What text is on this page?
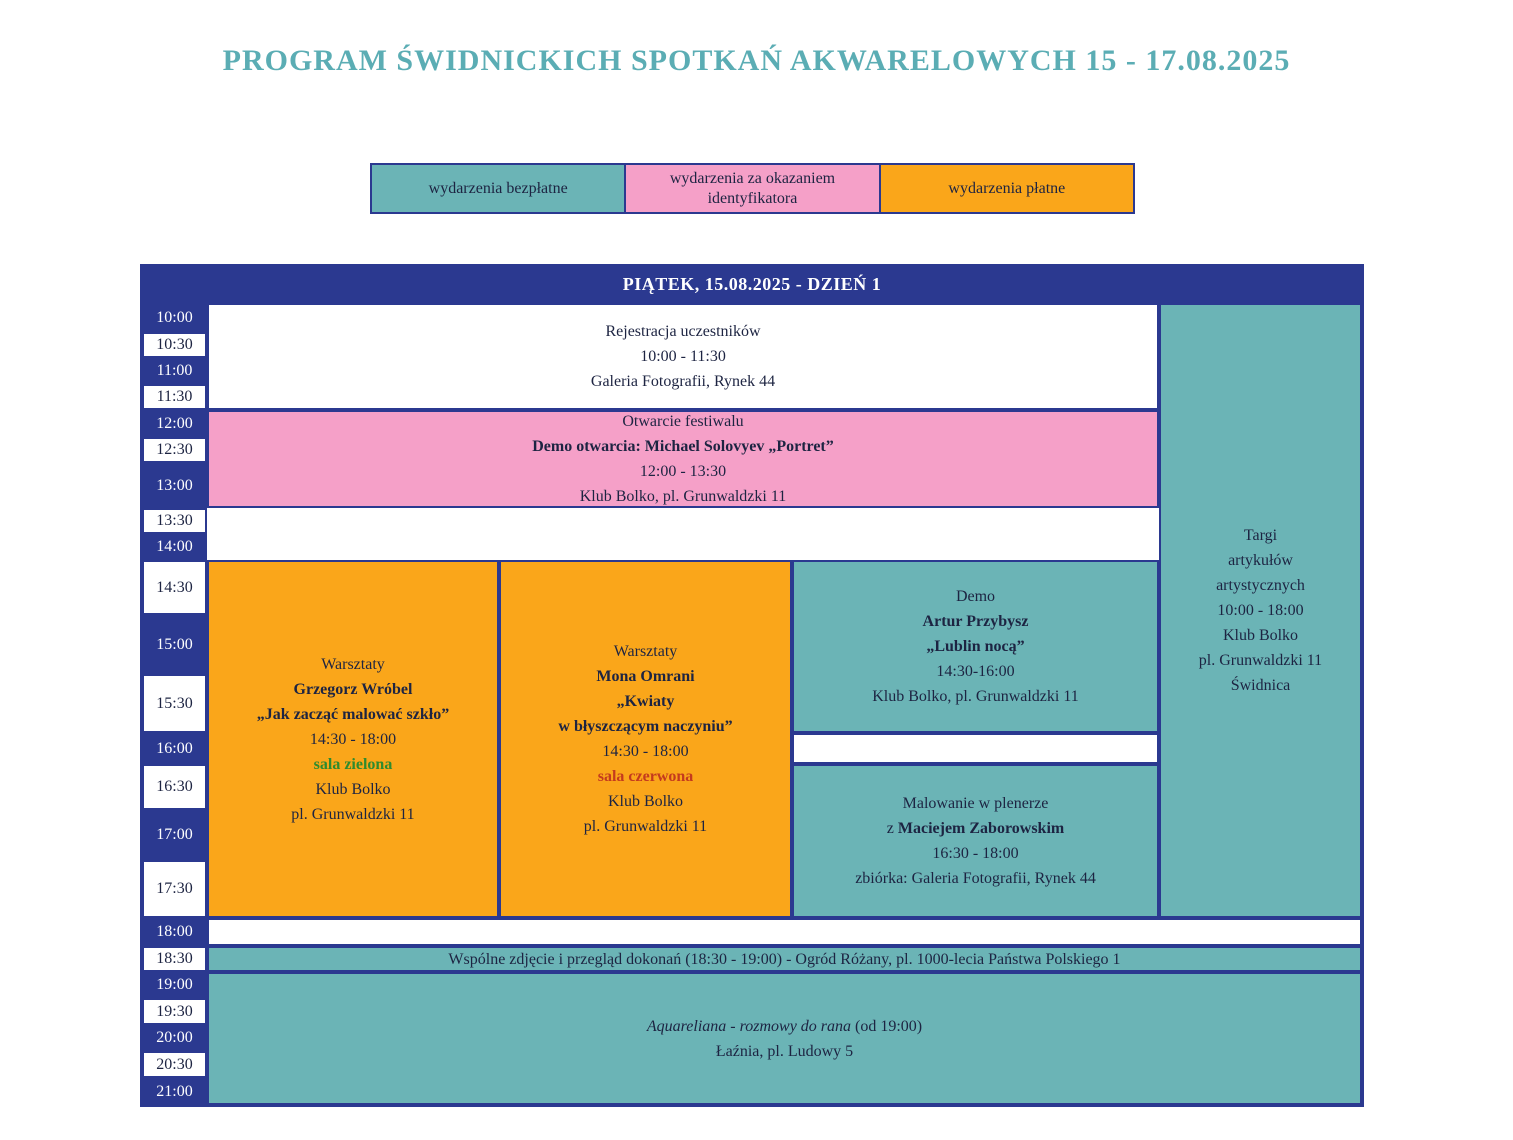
PROGRAM ŚWIDNICKICH SPOTKAŃ AKWARELOWYCH 15 - 17.08.2025
wydarzenia bezpłatne
wydarzenia za okazaniem identyfikatora
wydarzenia płatne
PIĄTEK, 15.08.2025 - DZIEŃ 1
10:00
10:30
11:00
11:30
12:00
12:30
13:00
13:30
14:00
14:30
15:00
15:30
16:00
16:30
17:00
17:30
18:00
18:30
19:00
19:30
20:00
20:30
21:00
Rejestracja uczestników
10:00 - 11:30
Galeria Fotografii, Rynek 44
Otwarcie festiwalu
Demo otwarcia: Michael Solovyev „Portret”
12:00 - 13:30
Klub Bolko, pl. Grunwaldzki 11
Warsztaty
Grzegorz Wróbel
„Jak zacząć malować szkło”
14:30 - 18:00
sala zielona
Klub Bolko
pl. Grunwaldzki 11
Warsztaty
Mona Omrani
„Kwiaty
w błyszczącym naczyniu”
14:30 - 18:00
sala czerwona
Klub Bolko
pl. Grunwaldzki 11
Demo
Artur Przybysz
„Lublin nocą”
14:30-16:00
Klub Bolko, pl. Grunwaldzki 11
Malowanie w plenerze
z Maciejem Zaborowskim
16:30 - 18:00
zbiórka: Galeria Fotografii, Rynek 44
Targi
artykułów
artystycznych
10:00 - 18:00
Klub Bolko
pl. Grunwaldzki 11
Świdnica
Wspólne zdjęcie i przegląd dokonań (18:30 - 19:00) - Ogród Różany, pl. 1000-lecia Państwa Polskiego 1
Aquareliana - rozmowy do rana (od 19:00)
Łaźnia, pl. Ludowy 5
